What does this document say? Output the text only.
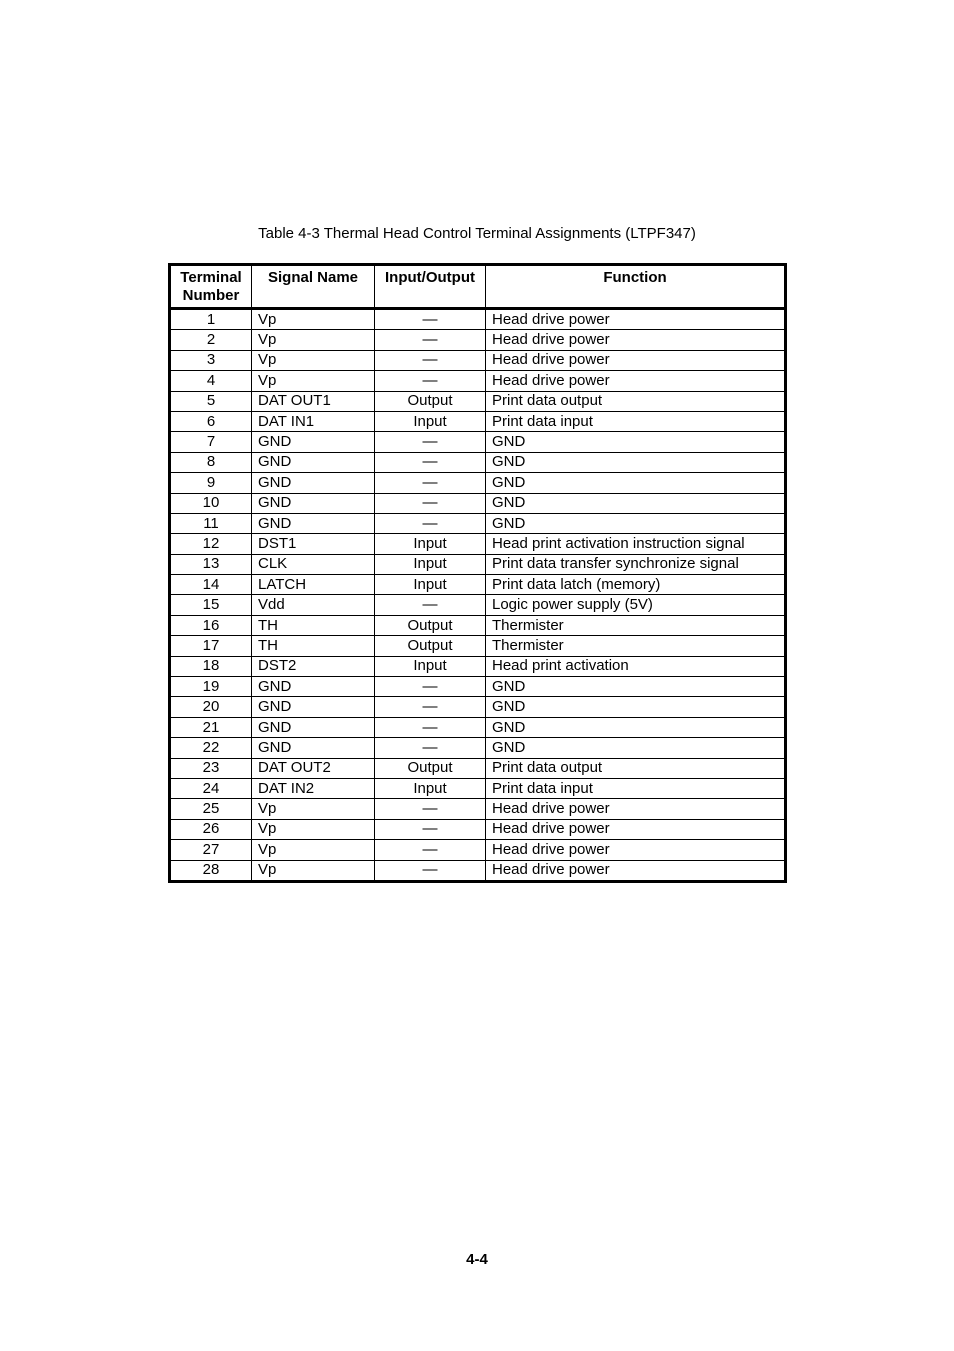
Table 4-3 Thermal Head Control Terminal Assignments (LTPF347)
Terminal
Number	Signal Name	Input/Output	Function
1	Vp	—	Head drive power
2	Vp	—	Head drive power
3	Vp	—	Head drive power
4	Vp	—	Head drive power
5	DAT OUT1	Output	Print data output
6	DAT IN1	Input	Print data input
7	GND	—	GND
8	GND	—	GND
9	GND	—	GND
10	GND	—	GND
11	GND	—	GND
12	DST1	Input	Head print activation instruction signal
13	CLK	Input	Print data transfer synchronize signal
14	LATCH	Input	Print data latch (memory)
15	Vdd	—	Logic power supply (5V)
16	TH	Output	Thermister
17	TH	Output	Thermister
18	DST2	Input	Head print activation
19	GND	—	GND
20	GND	—	GND
21	GND	—	GND
22	GND	—	GND
23	DAT OUT2	Output	Print data output
24	DAT IN2	Input	Print data input
25	Vp	—	Head drive power
26	Vp	—	Head drive power
27	Vp	—	Head drive power
28	Vp	—	Head drive power
4-4
